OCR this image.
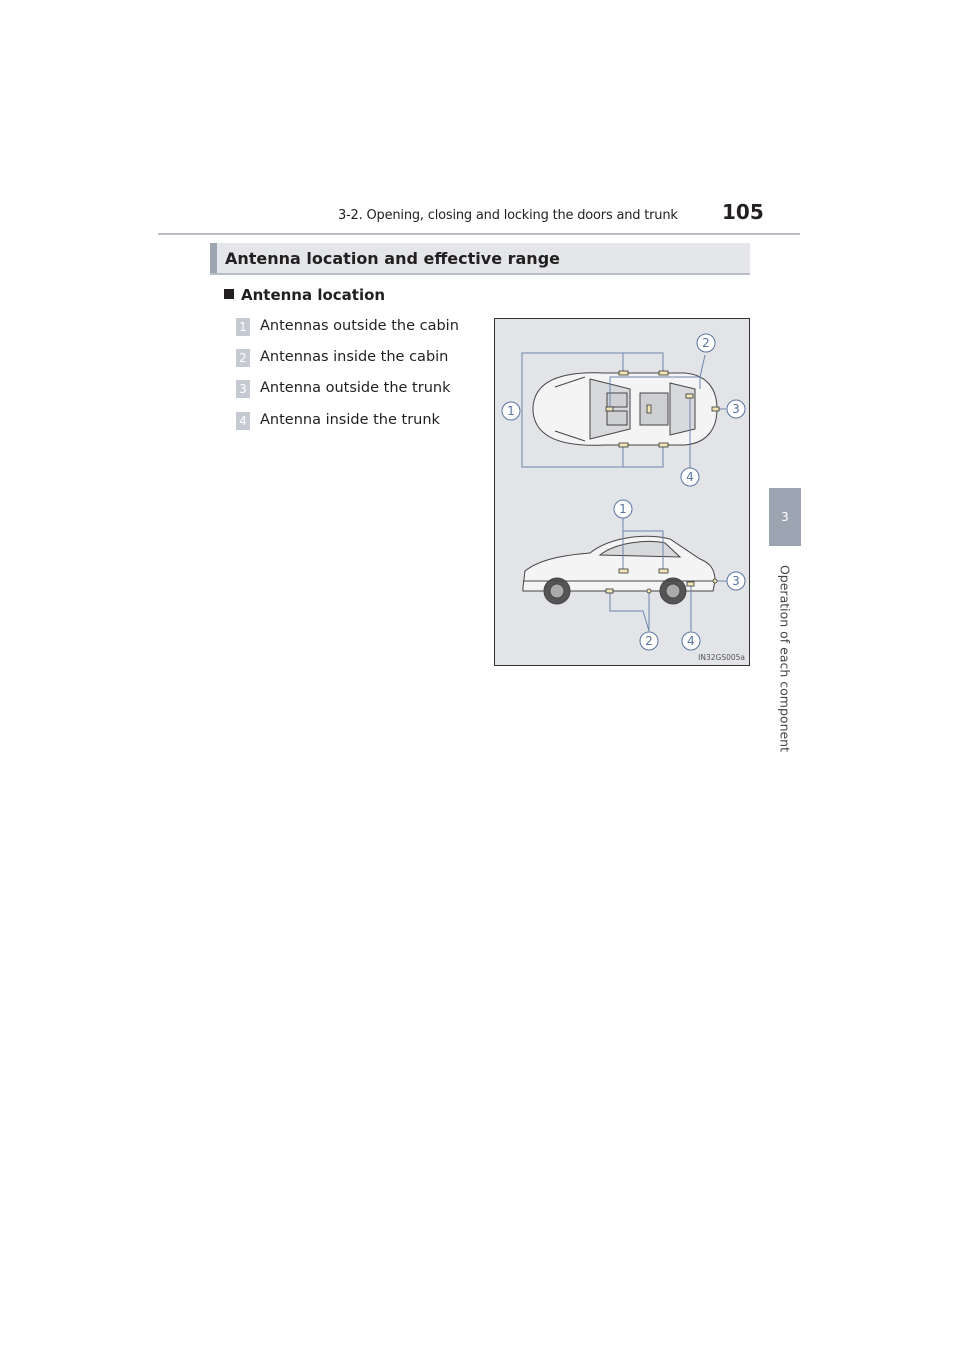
3-2. Opening, closing and locking the doors and trunk 105
3
Operation of each component
Antenna location and effective range
Antenna location
1 Antennas outside the cabin
2 Antennas inside the cabin
3 Antenna outside the trunk
4 Antenna inside the trunk
1
2
3
4
1
2
3
4
IN32GS005a
